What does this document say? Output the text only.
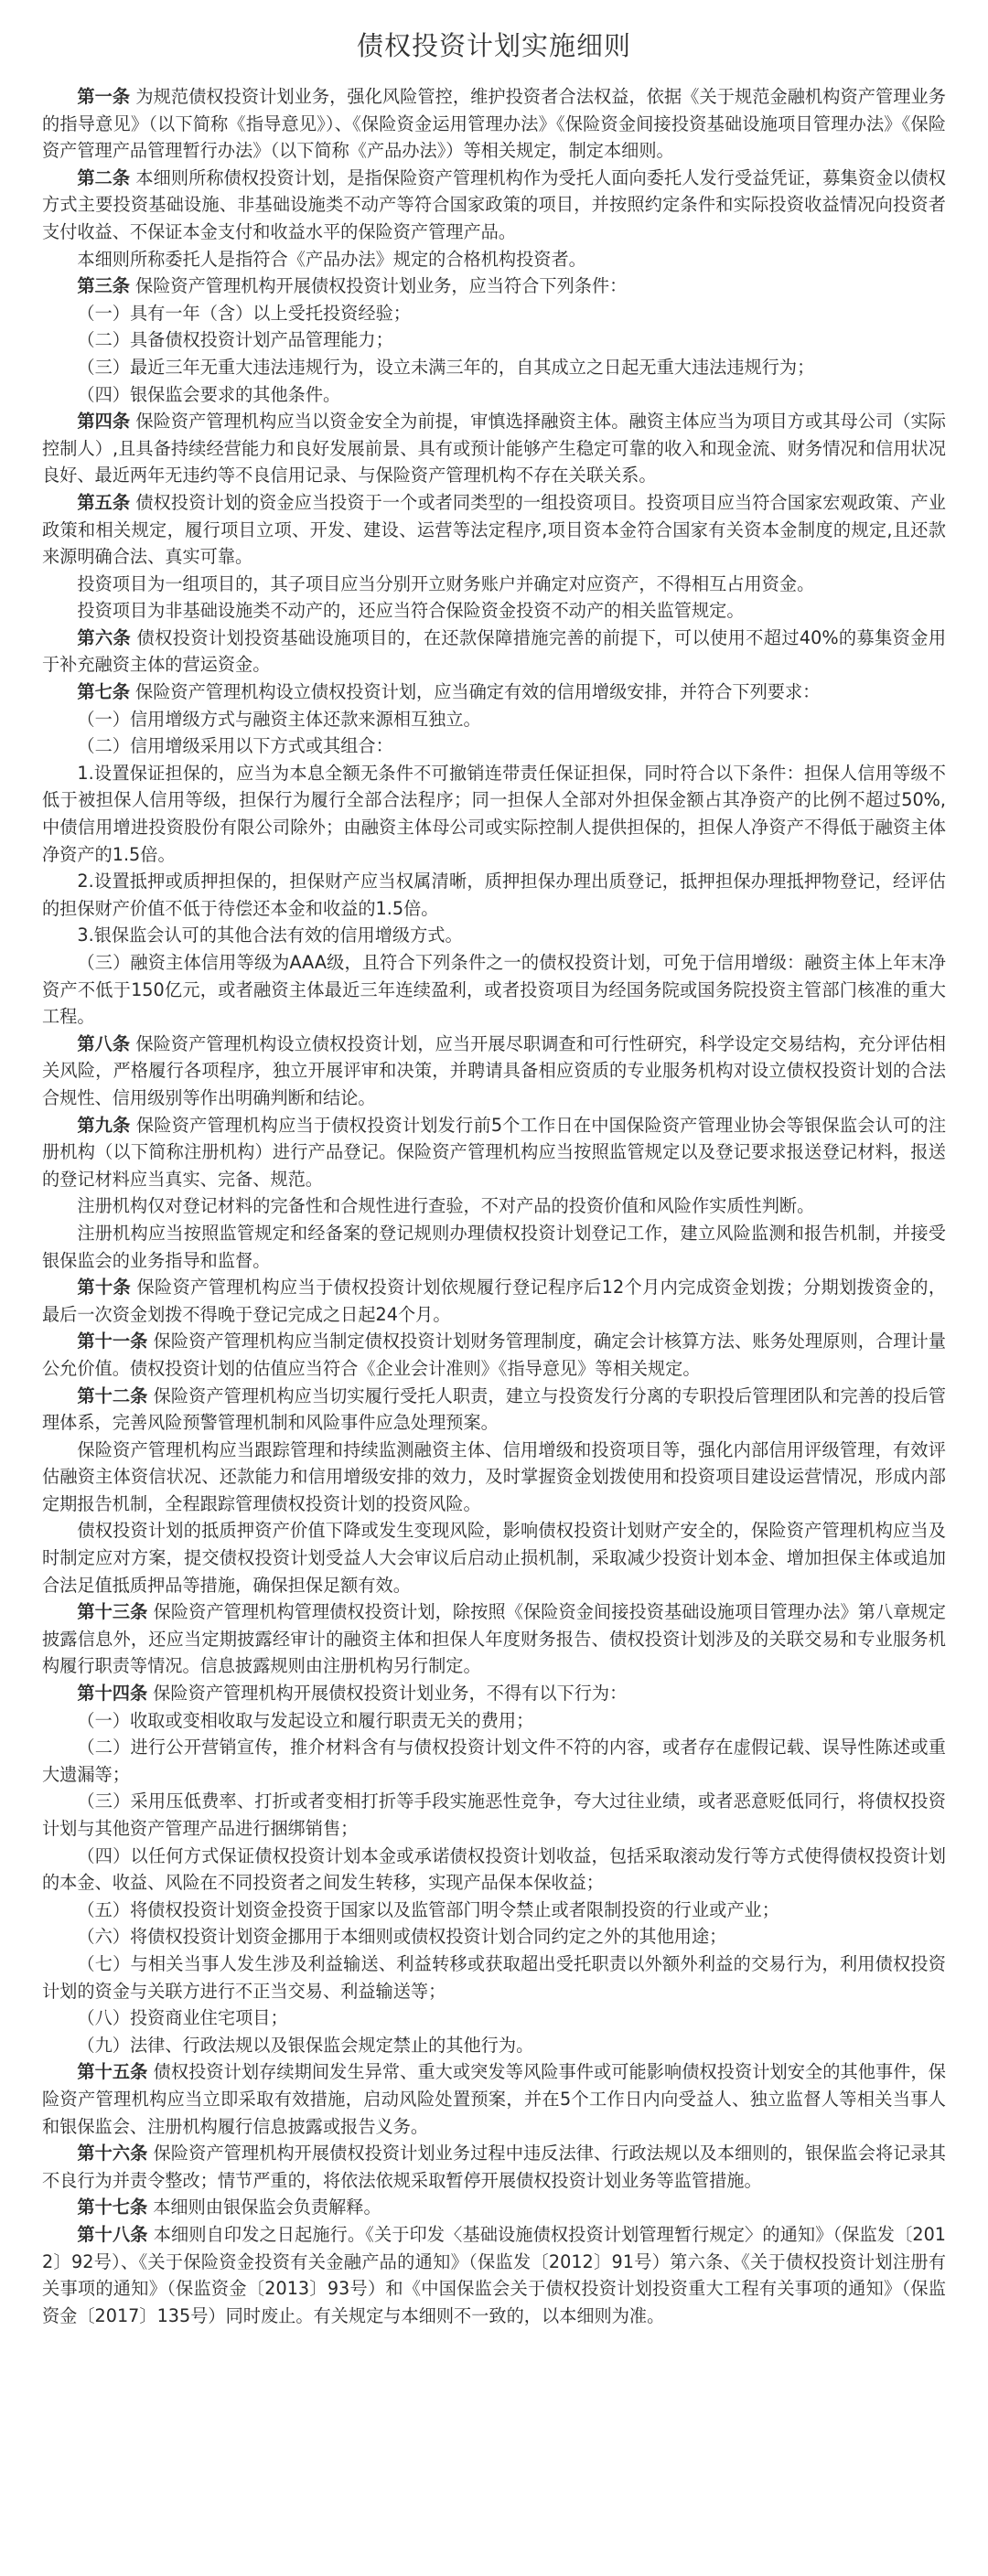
债权投资计划实施细则

第一条 为规范债权投资计划业务，强化风险管控，维护投资者合法权益，依据《关于规范金融机构资产管理业务的指导意见》（以下简称《指导意见》）、《保险资金运用管理办法》《保险资金间接投资基础设施项目管理办法》《保险资产管理产品管理暂行办法》（以下简称《产品办法》）等相关规定，制定本细则。

第二条 本细则所称债权投资计划，是指保险资产管理机构作为受托人面向委托人发行受益凭证，募集资金以债权方式主要投资基础设施、非基础设施类不动产等符合国家政策的项目，并按照约定条件和实际投资收益情况向投资者支付收益、不保证本金支付和收益水平的保险资产管理产品。

本细则所称委托人是指符合《产品办法》规定的合格机构投资者。

第三条 保险资产管理机构开展债权投资计划业务，应当符合下列条件：

（一）具有一年（含）以上受托投资经验；

（二）具备债权投资计划产品管理能力；

（三）最近三年无重大违法违规行为，设立未满三年的，自其成立之日起无重大违法违规行为；

（四）银保监会要求的其他条件。

第四条 保险资产管理机构应当以资金安全为前提，审慎选择融资主体。融资主体应当为项目方或其母公司（实际控制人）,且具备持续经营能力和良好发展前景、具有或预计能够产生稳定可靠的收入和现金流、财务情况和信用状况良好、最近两年无违约等不良信用记录、与保险资产管理机构不存在关联关系。

第五条 债权投资计划的资金应当投资于一个或者同类型的一组投资项目。投资项目应当符合国家宏观政策、产业政策和相关规定，履行项目立项、开发、建设、运营等法定程序,项目资本金符合国家有关资本金制度的规定,且还款来源明确合法、真实可靠。

投资项目为一组项目的，其子项目应当分别开立财务账户并确定对应资产，不得相互占用资金。

投资项目为非基础设施类不动产的，还应当符合保险资金投资不动产的相关监管规定。

第六条 债权投资计划投资基础设施项目的，在还款保障措施完善的前提下，可以使用不超过40%的募集资金用于补充融资主体的营运资金。

第七条 保险资产管理机构设立债权投资计划，应当确定有效的信用增级安排，并符合下列要求：

（一）信用增级方式与融资主体还款来源相互独立。

（二）信用增级采用以下方式或其组合：

1.设置保证担保的，应当为本息全额无条件不可撤销连带责任保证担保，同时符合以下条件：担保人信用等级不低于被担保人信用等级，担保行为履行全部合法程序；同一担保人全部对外担保金额占其净资产的比例不超过50%,中债信用增进投资股份有限公司除外；由融资主体母公司或实际控制人提供担保的，担保人净资产不得低于融资主体净资产的1.5倍。

2.设置抵押或质押担保的，担保财产应当权属清晰，质押担保办理出质登记，抵押担保办理抵押物登记，经评估的担保财产价值不低于待偿还本金和收益的1.5倍。

3.银保监会认可的其他合法有效的信用增级方式。

（三）融资主体信用等级为AAA级，且符合下列条件之一的债权投资计划，可免于信用增级：融资主体上年末净资产不低于150亿元，或者融资主体最近三年连续盈利，或者投资项目为经国务院或国务院投资主管部门核准的重大工程。

第八条 保险资产管理机构设立债权投资计划，应当开展尽职调查和可行性研究，科学设定交易结构，充分评估相关风险，严格履行各项程序，独立开展评审和决策，并聘请具备相应资质的专业服务机构对设立债权投资计划的合法合规性、信用级别等作出明确判断和结论。

第九条 保险资产管理机构应当于债权投资计划发行前5个工作日在中国保险资产管理业协会等银保监会认可的注册机构（以下简称注册机构）进行产品登记。保险资产管理机构应当按照监管规定以及登记要求报送登记材料，报送的登记材料应当真实、完备、规范。

注册机构仅对登记材料的完备性和合规性进行查验，不对产品的投资价值和风险作实质性判断。

注册机构应当按照监管规定和经备案的登记规则办理债权投资计划登记工作，建立风险监测和报告机制，并接受银保监会的业务指导和监督。

第十条 保险资产管理机构应当于债权投资计划依规履行登记程序后12个月内完成资金划拨；分期划拨资金的，最后一次资金划拨不得晚于登记完成之日起24个月。

第十一条 保险资产管理机构应当制定债权投资计划财务管理制度，确定会计核算方法、账务处理原则，合理计量公允价值。债权投资计划的估值应当符合《企业会计准则》《指导意见》等相关规定。

第十二条 保险资产管理机构应当切实履行受托人职责，建立与投资发行分离的专职投后管理团队和完善的投后管理体系，完善风险预警管理机制和风险事件应急处理预案。

保险资产管理机构应当跟踪管理和持续监测融资主体、信用增级和投资项目等，强化内部信用评级管理，有效评估融资主体资信状况、还款能力和信用增级安排的效力，及时掌握资金划拨使用和投资项目建设运营情况，形成内部定期报告机制，全程跟踪管理债权投资计划的投资风险。

债权投资计划的抵质押资产价值下降或发生变现风险，影响债权投资计划财产安全的，保险资产管理机构应当及时制定应对方案，提交债权投资计划受益人大会审议后启动止损机制，采取减少投资计划本金、增加担保主体或追加合法足值抵质押品等措施，确保担保足额有效。

第十三条 保险资产管理机构管理债权投资计划，除按照《保险资金间接投资基础设施项目管理办法》第八章规定披露信息外，还应当定期披露经审计的融资主体和担保人年度财务报告、债权投资计划涉及的关联交易和专业服务机构履行职责等情况。信息披露规则由注册机构另行制定。

第十四条 保险资产管理机构开展债权投资计划业务，不得有以下行为：

（一）收取或变相收取与发起设立和履行职责无关的费用；

（二）进行公开营销宣传，推介材料含有与债权投资计划文件不符的内容，或者存在虚假记载、误导性陈述或重大遗漏等；

（三）采用压低费率、打折或者变相打折等手段实施恶性竞争，夸大过往业绩，或者恶意贬低同行，将债权投资计划与其他资产管理产品进行捆绑销售；

（四）以任何方式保证债权投资计划本金或承诺债权投资计划收益，包括采取滚动发行等方式使得债权投资计划的本金、收益、风险在不同投资者之间发生转移，实现产品保本保收益；

（五）将债权投资计划资金投资于国家以及监管部门明令禁止或者限制投资的行业或产业；

（六）将债权投资计划资金挪用于本细则或债权投资计划合同约定之外的其他用途；

（七）与相关当事人发生涉及利益输送、利益转移或获取超出受托职责以外额外利益的交易行为，利用债权投资计划的资金与关联方进行不正当交易、利益输送等；

（八）投资商业住宅项目；

（九）法律、行政法规以及银保监会规定禁止的其他行为。

第十五条 债权投资计划存续期间发生异常、重大或突发等风险事件或可能影响债权投资计划安全的其他事件，保险资产管理机构应当立即采取有效措施，启动风险处置预案，并在5个工作日内向受益人、独立监督人等相关当事人和银保监会、注册机构履行信息披露或报告义务。

第十六条 保险资产管理机构开展债权投资计划业务过程中违反法律、行政法规以及本细则的，银保监会将记录其不良行为并责令整改；情节严重的，将依法依规采取暂停开展债权投资计划业务等监管措施。

第十七条 本细则由银保监会负责解释。

第十八条 本细则自印发之日起施行。《关于印发〈基础设施债权投资计划管理暂行规定〉的通知》（保监发〔2012〕92号）、《关于保险资金投资有关金融产品的通知》（保监发〔2012〕91号）第六条、《关于债权投资计划注册有关事项的通知》（保监资金〔2013〕93号）和《中国保监会关于债权投资计划投资重大工程有关事项的通知》（保监资金〔2017〕135号）同时废止。有关规定与本细则不一致的，以本细则为准。
